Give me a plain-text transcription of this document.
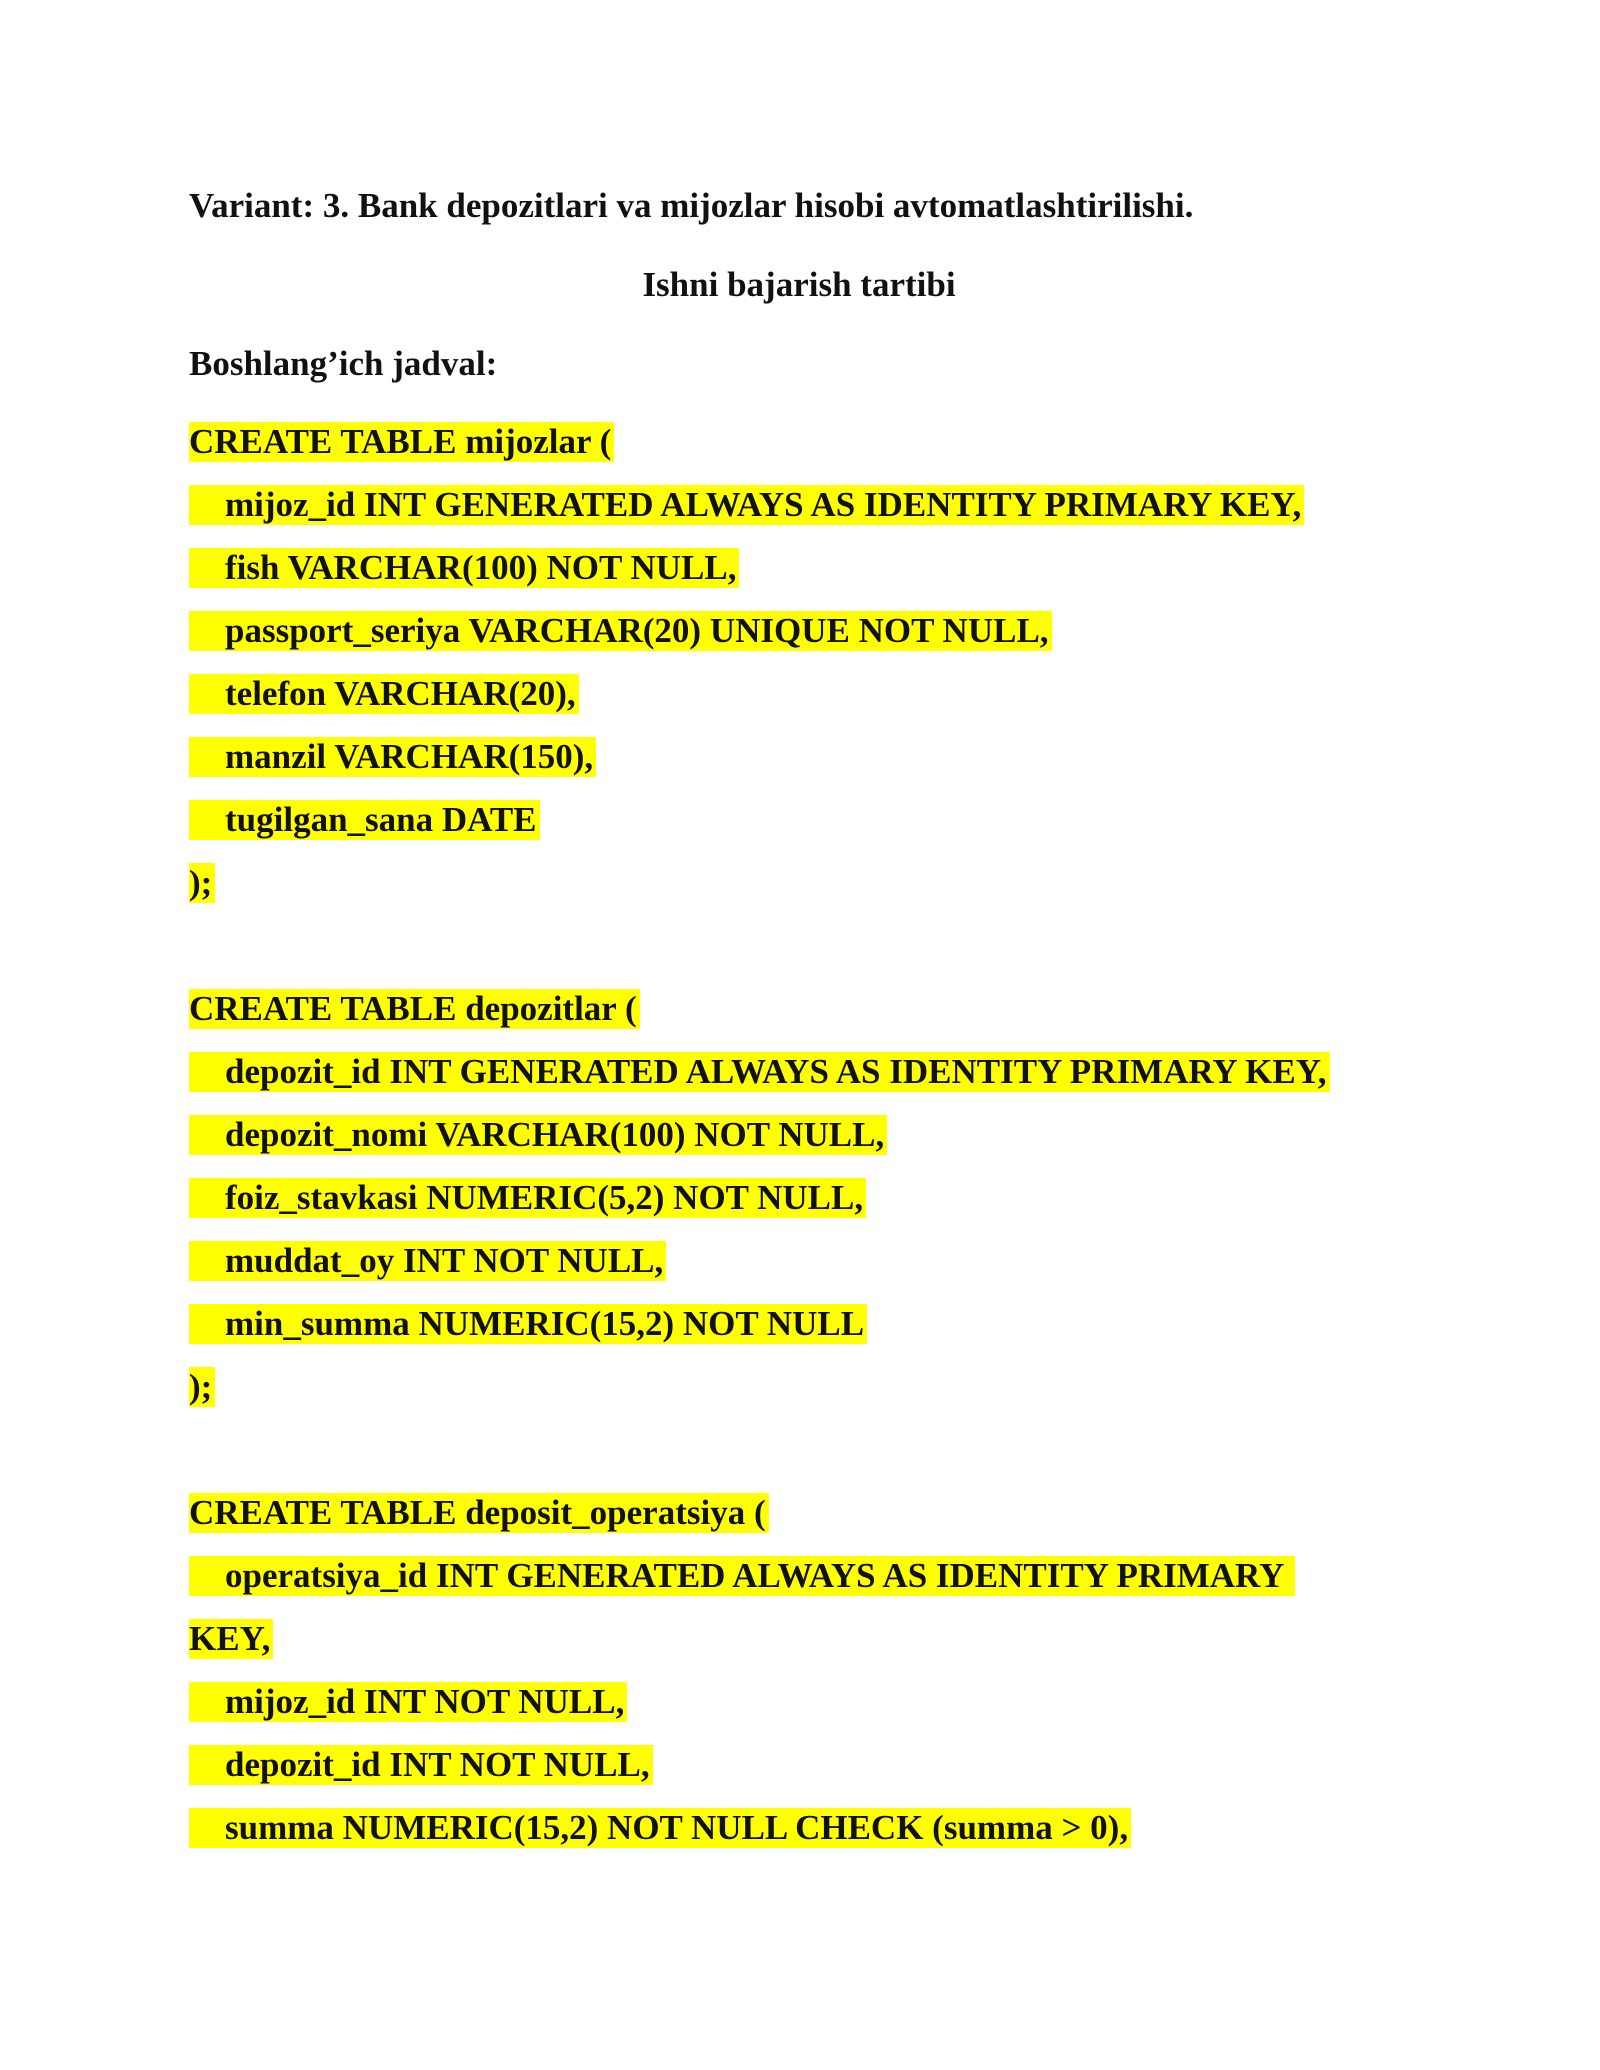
Variant: 3. Bank depozitlari va mijozlar hisobi avtomatlashtirilishi.
Ishni bajarish tartibi
Boshlang’ich jadval:
CREATE TABLE mijozlar (
mijoz_id INT GENERATED ALWAYS AS IDENTITY PRIMARY KEY,
fish VARCHAR(100) NOT NULL,
passport_seriya VARCHAR(20) UNIQUE NOT NULL,
telefon VARCHAR(20),
manzil VARCHAR(150),
tugilgan_sana DATE
);
CREATE TABLE depozitlar (
depozit_id INT GENERATED ALWAYS AS IDENTITY PRIMARY KEY,
depozit_nomi VARCHAR(100) NOT NULL,
foiz_stavkasi NUMERIC(5,2) NOT NULL,
muddat_oy INT NOT NULL,
min_summa NUMERIC(15,2) NOT NULL
);
CREATE TABLE deposit_operatsiya (
operatsiya_id INT GENERATED ALWAYS AS IDENTITY PRIMARY
KEY,
mijoz_id INT NOT NULL,
depozit_id INT NOT NULL,
summa NUMERIC(15,2) NOT NULL CHECK (summa > 0),
